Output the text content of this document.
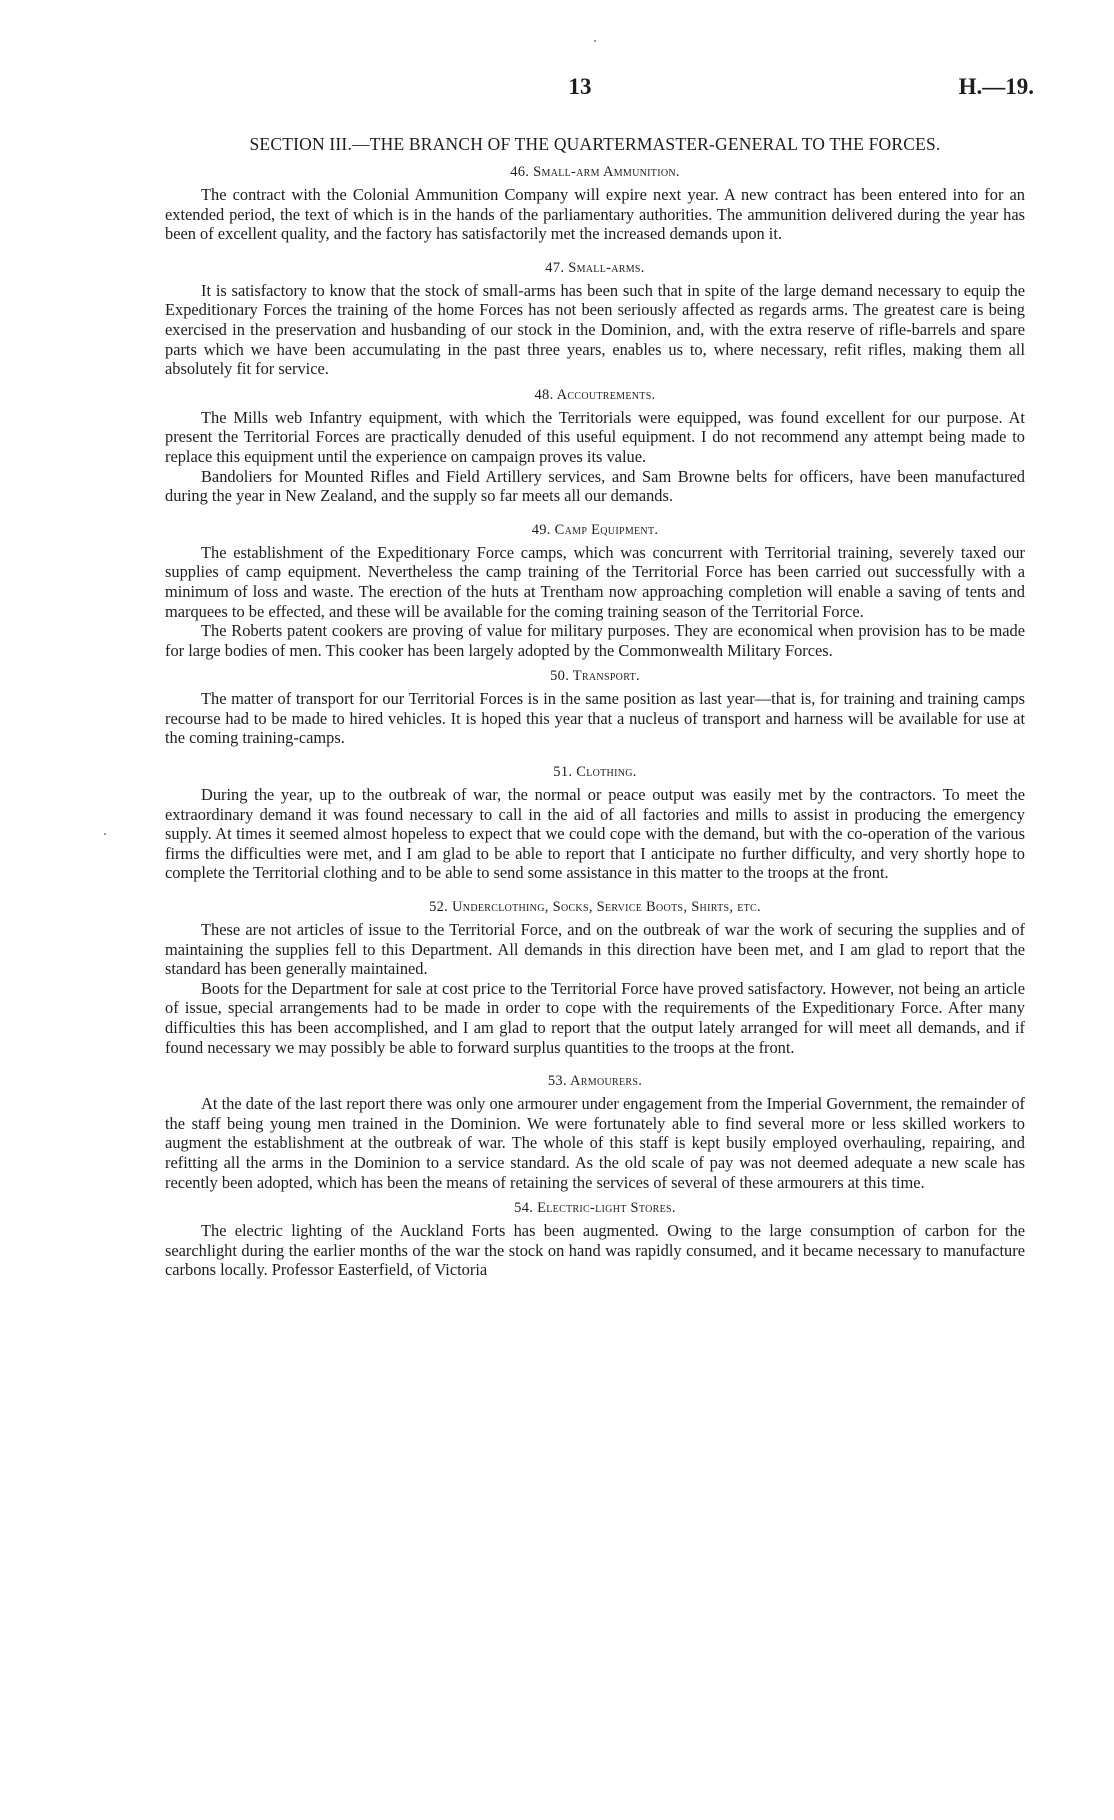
13	H.—19.
SECTION III.—THE BRANCH OF THE QUARTERMASTER-GENERAL TO THE FORCES.
46. Small-arm Ammunition.

The contract with the Colonial Ammunition Company will expire next year. A new contract has been entered into for an extended period, the text of which is in the hands of the parliamentary authorities. The ammunition delivered during the year has been of excellent quality, and the factory has satisfactorily met the increased demands upon it.

47. Small-arms.

It is satisfactory to know that the stock of small-arms has been such that in spite of the large demand necessary to equip the Expeditionary Forces the training of the home Forces has not been seriously affected as regards arms. The greatest care is being exercised in the preservation and husbanding of our stock in the Dominion, and, with the extra reserve of rifle-barrels and spare parts which we have been accumulating in the past three years, enables us to, where necessary, refit rifles, making them all absolutely fit for service.

48. Accoutrements.

The Mills web Infantry equipment, with which the Territorials were equipped, was found excellent for our purpose. At present the Territorial Forces are practically denuded of this useful equipment. I do not recommend any attempt being made to replace this equipment until the experience on campaign proves its value.

Bandoliers for Mounted Rifles and Field Artillery services, and Sam Browne belts for officers, have been manufactured during the year in New Zealand, and the supply so far meets all our demands.

49. Camp Equipment.

The establishment of the Expeditionary Force camps, which was concurrent with Territorial training, severely taxed our supplies of camp equipment. Nevertheless the camp training of the Territorial Force has been carried out successfully with a minimum of loss and waste. The erection of the huts at Trentham now approaching completion will enable a saving of tents and marquees to be effected, and these will be available for the coming training season of the Territorial Force.

The Roberts patent cookers are proving of value for military purposes. They are economical when provision has to be made for large bodies of men. This cooker has been largely adopted by the Commonwealth Military Forces.

50. Transport.

The matter of transport for our Territorial Forces is in the same position as last year—that is, for training and training camps recourse had to be made to hired vehicles. It is hoped this year that a nucleus of transport and harness will be available for use at the coming training-camps.

51. Clothing.

During the year, up to the outbreak of war, the normal or peace output was easily met by the contractors. To meet the extraordinary demand it was found necessary to call in the aid of all factories and mills to assist in producing the emergency supply. At times it seemed almost hopeless to expect that we could cope with the demand, but with the co-operation of the various firms the difficulties were met, and I am glad to be able to report that I anticipate no further difficulty, and very shortly hope to complete the Territorial clothing and to be able to send some assistance in this matter to the troops at the front.

52. Underclothing, Socks, Service Boots, Shirts, etc.

These are not articles of issue to the Territorial Force, and on the outbreak of war the work of securing the supplies and of maintaining the supplies fell to this Department. All demands in this direction have been met, and I am glad to report that the standard has been generally maintained.

Boots for the Department for sale at cost price to the Territorial Force have proved satisfactory. However, not being an article of issue, special arrangements had to be made in order to cope with the requirements of the Expeditionary Force. After many difficulties this has been accomplished, and I am glad to report that the output lately arranged for will meet all demands, and if found necessary we may possibly be able to forward surplus quantities to the troops at the front.

53. Armourers.

At the date of the last report there was only one armourer under engagement from the Imperial Government, the remainder of the staff being young men trained in the Dominion. We were fortunately able to find several more or less skilled workers to augment the establishment at the outbreak of war. The whole of this staff is kept busily employed overhauling, repairing, and refitting all the arms in the Dominion to a service standard. As the old scale of pay was not deemed adequate a new scale has recently been adopted, which has been the means of retaining the services of several of these armourers at this time.

54. Electric-light Stores.

The electric lighting of the Auckland Forts has been augmented. Owing to the large consumption of carbon for the searchlight during the earlier months of the war the stock on hand was rapidly consumed, and it became necessary to manufacture carbons locally. Professor Easterfield, of Victoria
